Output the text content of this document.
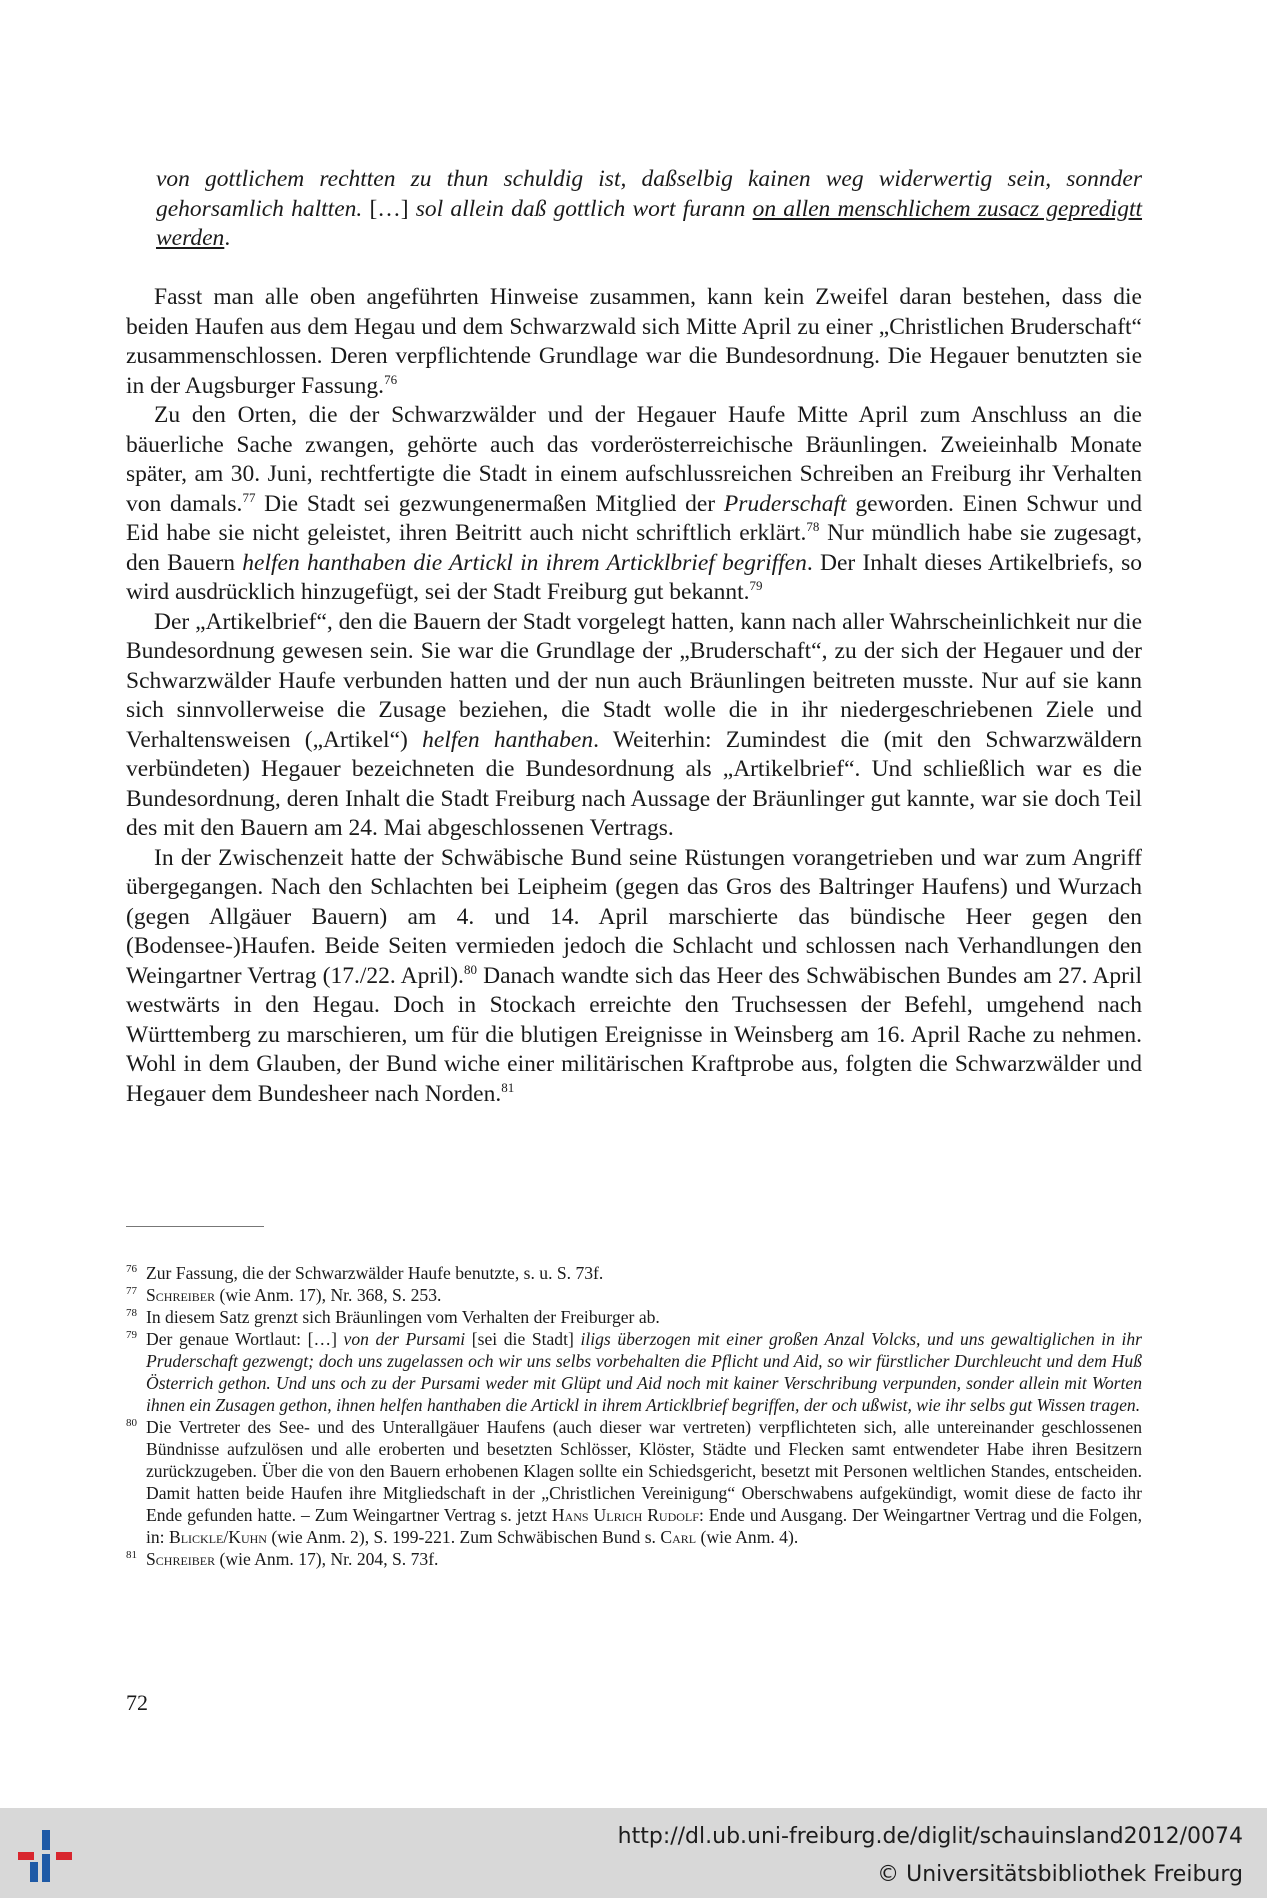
von gottlichem rechtten zu thun schuldig ist, daßselbig kainen weg widerwertig sein, sonnder gehorsamlich haltten. […] sol allein daß gottlich wort furann on allen menschlichem zusacz gepredigtt werden.

Fasst man alle oben angeführten Hinweise zusammen, kann kein Zweifel daran bestehen, dass die beiden Haufen aus dem Hegau und dem Schwarzwald sich Mitte April zu einer „Christlichen Bruderschaft“ zusammenschlossen. Deren verpflichtende Grundlage war die Bundesordnung. Die Hegauer benutzten sie in der Augsburger Fassung.$^{76}$

Zu den Orten, die der Schwarzwälder und der Hegauer Haufe Mitte April zum Anschluss an die bäuerliche Sache zwangen, gehörte auch das vorderösterreichische Bräunlingen. Zweieinhalb Monate später, am 30. Juni, rechtfertigte die Stadt in einem aufschlussreichen Schreiben an Freiburg ihr Verhalten von damals.$^{77}$ Die Stadt sei gezwungenermaßen Mitglied der Pruderschaft geworden. Einen Schwur und Eid habe sie nicht geleistet, ihren Beitritt auch nicht schriftlich erklärt.$^{78}$ Nur mündlich habe sie zugesagt, den Bauern helfen hanthaben die Artickl in ihrem Articklbrief begriffen. Der Inhalt dieses Artikelbriefs, so wird ausdrücklich hinzugefügt, sei der Stadt Freiburg gut bekannt.$^{79}$

Der „Artikelbrief“, den die Bauern der Stadt vorgelegt hatten, kann nach aller Wahrscheinlichkeit nur die Bundesordnung gewesen sein. Sie war die Grundlage der „Bruderschaft“, zu der sich der Hegauer und der Schwarzwälder Haufe verbunden hatten und der nun auch Bräunlingen beitreten musste. Nur auf sie kann sich sinnvollerweise die Zusage beziehen, die Stadt wolle die in ihr niedergeschriebenen Ziele und Verhaltensweisen („Artikel“) helfen hanthaben. Weiterhin: Zumindest die (mit den Schwarzwäldern verbündeten) Hegauer bezeichneten die Bundesordnung als „Artikelbrief“. Und schließlich war es die Bundesordnung, deren Inhalt die Stadt Freiburg nach Aussage der Bräunlinger gut kannte, war sie doch Teil des mit den Bauern am 24. Mai abgeschlossenen Vertrags.

In der Zwischenzeit hatte der Schwäbische Bund seine Rüstungen vorangetrieben und war zum Angriff übergegangen. Nach den Schlachten bei Leipheim (gegen das Gros des Baltringer Haufens) und Wurzach (gegen Allgäuer Bauern) am 4. und 14. April marschierte das bündische Heer gegen den (Bodensee-)Haufen. Beide Seiten vermieden jedoch die Schlacht und schlossen nach Verhandlungen den Weingartner Vertrag (17./22. April).$^{80}$ Danach wandte sich das Heer des Schwäbischen Bundes am 27. April westwärts in den Hegau. Doch in Stockach erreichte den Truchsessen der Befehl, umgehend nach Württemberg zu marschieren, um für die blutigen Ereignisse in Weinsberg am 16. April Rache zu nehmen. Wohl in dem Glauben, der Bund wiche einer militärischen Kraftprobe aus, folgten die Schwarzwälder und Hegauer dem Bundesheer nach Norden.$^{81}$

76 Zur Fassung, die der Schwarzwälder Haufe benutzte, s. u. S. 73f.

77 Schreiber (wie Anm. 17), Nr. 368, S. 253.

78 In diesem Satz grenzt sich Bräunlingen vom Verhalten der Freiburger ab.

79 Der genaue Wortlaut: […] von der Pursami [sei die Stadt] iligs überzogen mit einer großen Anzal Volcks, und uns gewaltiglichen in ihr Pruderschaft gezwengt; doch uns zugelassen och wir uns selbs vorbehalten die Pflicht und Aid, so wir fürstlicher Durchleucht und dem Huß Österrich gethon. Und uns och zu der Pursami weder mit Glüpt und Aid noch mit kainer Verschribung verpunden, sonder allein mit Worten ihnen ein Zusagen gethon, ihnen helfen hanthaben die Artickl in ihrem Articklbrief begriffen, der och ußwist, wie ihr selbs gut Wissen tragen.

80 Die Vertreter des See- und des Unterallgäuer Haufens (auch dieser war vertreten) verpflichteten sich, alle untereinander geschlossenen Bündnisse aufzulösen und alle eroberten und besetzten Schlösser, Klöster, Städte und Flecken samt entwendeter Habe ihren Besitzern zurückzugeben. Über die von den Bauern erhobenen Klagen sollte ein Schiedsgericht, besetzt mit Personen weltlichen Standes, entscheiden. Damit hatten beide Haufen ihre Mitgliedschaft in der „Christlichen Vereinigung“ Oberschwabens aufgekündigt, womit diese de facto ihr Ende gefunden hatte. – Zum Weingartner Vertrag s. jetzt Hans Ulrich Rudolf: Ende und Ausgang. Der Weingartner Vertrag und die Folgen, in: Blickle/Kuhn (wie Anm. 2), S. 199-221. Zum Schwäbischen Bund s. Carl (wie Anm. 4).

81 Schreiber (wie Anm. 17), Nr. 204, S. 73f.

72
http://dl.ub.uni-freiburg.de/diglit/schauinsland2012/0074
© Universitätsbibliothek Freiburg
